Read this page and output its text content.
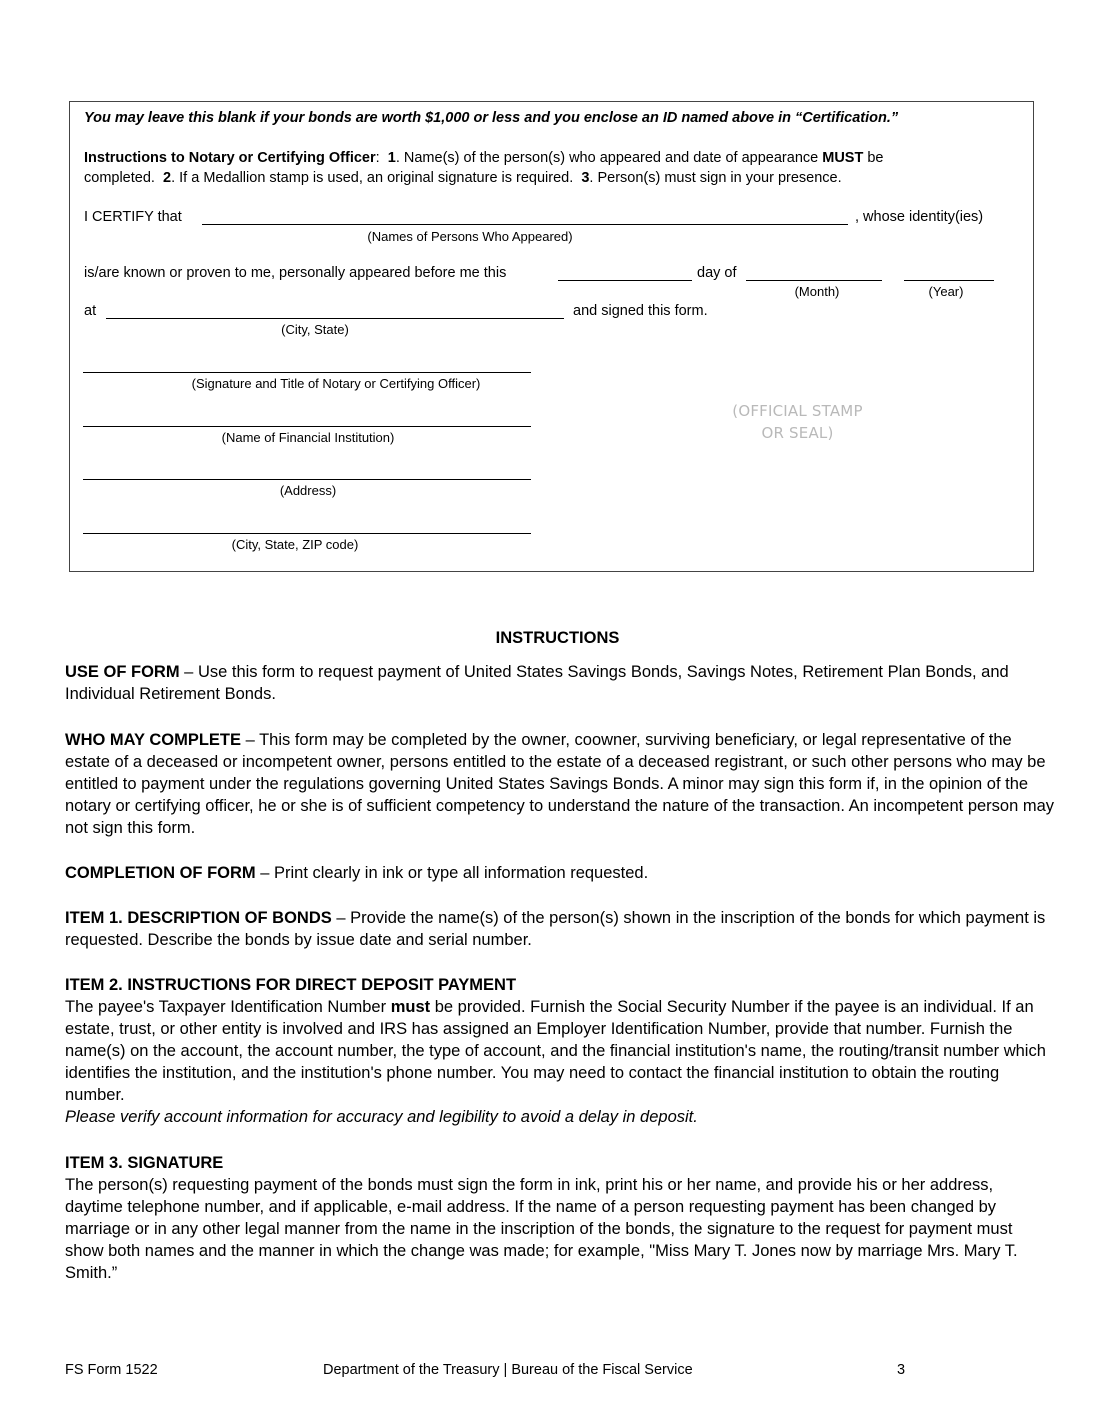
You may leave this blank if your bonds are worth $1,000 or less and you enclose an ID named above in “Certification.”
Instructions to Notary or Certifying Officer:  1. Name(s) of the person(s) who appeared and date of appearance MUST be
completed.  2. If a Medallion stamp is used, an original signature is required.  3. Person(s) must sign in your presence.
I CERTIFY that	, whose identity(ies)
(Names of Persons Who Appeared)
is/are known or proven to me, personally appeared before me this	day of
(Month)	(Year)
at	and signed this form.
(City, State)
(Signature and Title of Notary or Certifying Officer)
(Name of Financial Institution)
(Address)
(City, State, ZIP code)
(OFFICIAL STAMP
OR SEAL)
INSTRUCTIONS
USE OF FORM – Use this form to request payment of United States Savings Bonds, Savings Notes, Retirement Plan Bonds, and Individual Retirement Bonds.
WHO MAY COMPLETE – This form may be completed by the owner, coowner, surviving beneficiary, or legal representative of the estate of a deceased or incompetent owner, persons entitled to the estate of a deceased registrant, or such other persons who may be entitled to payment under the regulations governing United States Savings Bonds. A minor may sign this form if, in the opinion of the notary or certifying officer, he or she is of sufficient competency to understand the nature of the transaction. An incompetent person may not sign this form.
COMPLETION OF FORM – Print clearly in ink or type all information requested.
ITEM 1. DESCRIPTION OF BONDS – Provide the name(s) of the person(s) shown in the inscription of the bonds for which payment is requested. Describe the bonds by issue date and serial number.
ITEM 2. INSTRUCTIONS FOR DIRECT DEPOSIT PAYMENT
The payee's Taxpayer Identification Number must be provided. Furnish the Social Security Number if the payee is an individual. If an estate, trust, or other entity is involved and IRS has assigned an Employer Identification Number, provide that number. Furnish the name(s) on the account, the account number, the type of account, and the financial institution's name, the routing/transit number which identifies the institution, and the institution's phone number. You may need to contact the financial institution to obtain the routing number.
Please verify account information for accuracy and legibility to avoid a delay in deposit.
ITEM 3. SIGNATURE
The person(s) requesting payment of the bonds must sign the form in ink, print his or her name, and provide his or her address, daytime telephone number, and if applicable, e-mail address. If the name of a person requesting payment has been changed by marriage or in any other legal manner from the name in the inscription of the bonds, the signature to the request for payment must show both names and the manner in which the change was made; for example, "Miss Mary T. Jones now by marriage Mrs. Mary T. Smith.”
FS Form 1522	Department of the Treasury | Bureau of the Fiscal Service	3
